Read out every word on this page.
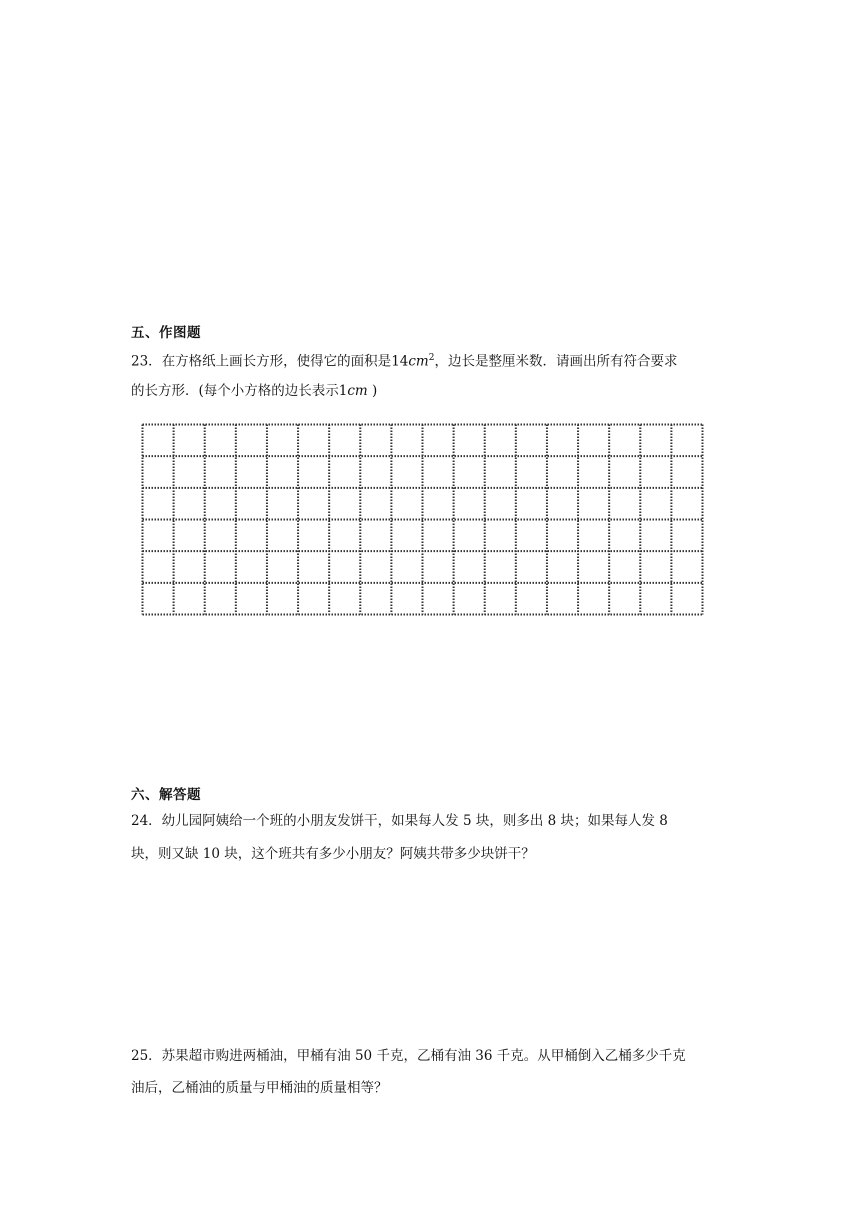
五、作图题
23．在方格纸上画长方形，使得它的面积是$14cm^2$，边长是整厘米数．请画出所有符合要求
的长方形．(每个小方格的边长表示1cm )
六、解答题
24．幼儿园阿姨给一个班的小朋友发饼干，如果每人发 5 块，则多出 8 块；如果每人发 8
块，则又缺 10 块，这个班共有多少小朋友？阿姨共带多少块饼干？
25．苏果超市购进两桶油，甲桶有油 50 千克，乙桶有油 36 千克。从甲桶倒入乙桶多少千克
油后，乙桶油的质量与甲桶油的质量相等？
